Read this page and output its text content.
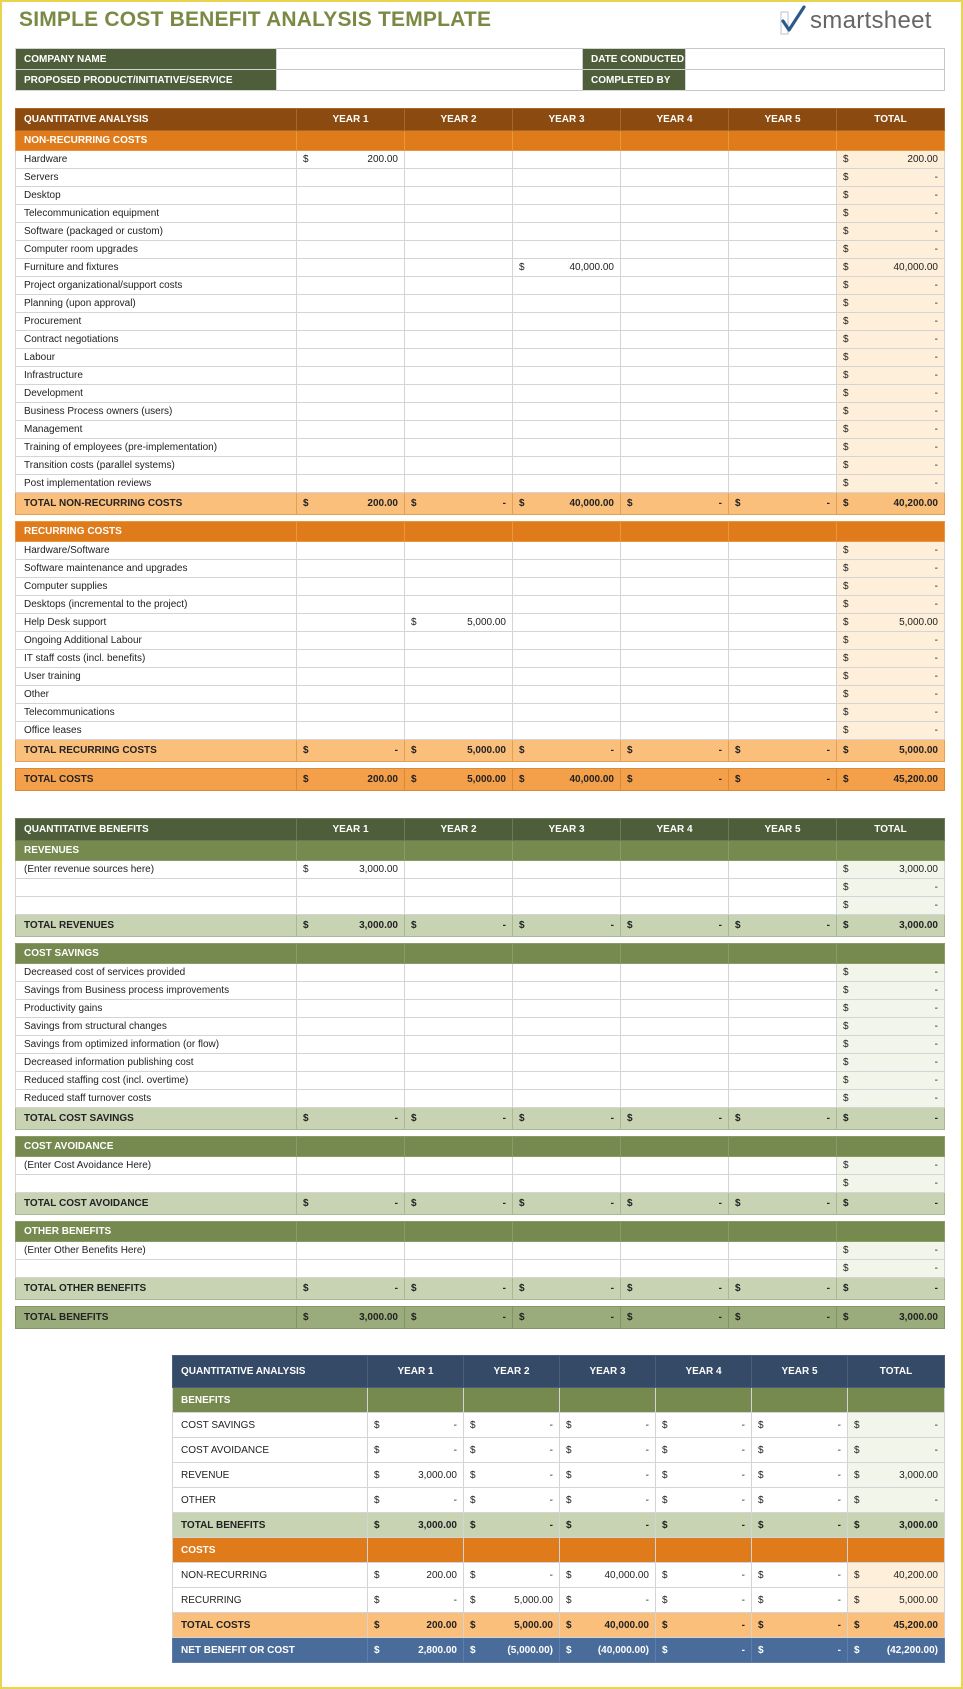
SIMPLE COST BENEFIT ANALYSIS TEMPLATE	smartsheet
COMPANY NAME		DATE CONDUCTED	
PROPOSED PRODUCT/INITIATIVE/SERVICE		COMPLETED BY	
QUANTITATIVE ANALYSIS	YEAR 1	YEAR 2	YEAR 3	YEAR 4	YEAR 5	TOTAL
NON-RECURRING COSTS						
Hardware	$ 200.00					$ 200.00

Servers						$ -

Desktop						$ -

Telecommunication equipment						$ -

Software (packaged or custom)						$ -

Computer room upgrades						$ -

Furniture and fixtures			$ 40,000.00			$ 40,000.00

Project organizational/support costs						$ -

Planning (upon approval)						$ -

Procurement						$ -

Contract negotiations						$ -

Labour						$ -

Infrastructure						$ -

Development						$ -

Business Process owners (users)						$ -

Management						$ -

Training of employees (pre-implementation)						$ -

Transition costs (parallel systems)						$ -

Post implementation reviews						$ -

TOTAL NON-RECURRING COSTS	$ 200.00	$ -	$ 40,000.00	$ -	$ -	$ 40,200.00

RECURRING COSTS						
Hardware/Software						$ -

Software maintenance and upgrades						$ -

Computer supplies						$ -

Desktops (incremental to the project)						$ -

Help Desk support		$ 5,000.00				$ 5,000.00

Ongoing Additional Labour						$ -

IT staff costs (incl. benefits)						$ -

User training						$ -

Other						$ -

Telecommunications						$ -

Office leases						$ -

TOTAL RECURRING COSTS	$ -	$ 5,000.00	$ -	$ -	$ -	$ 5,000.00

TOTAL COSTS	$ 200.00	$ 5,000.00	$ 40,000.00	$ -	$ -	$ 45,200.00
QUANTITATIVE BENEFITS	YEAR 1	YEAR 2	YEAR 3	YEAR 4	YEAR 5	TOTAL
REVENUES						
(Enter revenue sources here)	$ 3,000.00					$ 3,000.00

						$ -

						$ -

TOTAL REVENUES	$ 3,000.00	$ -	$ -	$ -	$ -	$ 3,000.00

COST SAVINGS						
Decreased cost of services provided						$ -

Savings from Business process improvements						$ -

Productivity gains						$ -

Savings from structural changes						$ -

Savings from optimized information (or flow)						$ -

Decreased information publishing cost						$ -

Reduced staffing cost (incl. overtime)						$ -

Reduced staff turnover costs						$ -

TOTAL COST SAVINGS	$ -	$ -	$ -	$ -	$ -	$ -

COST AVOIDANCE						
(Enter Cost Avoidance Here)						$ -

						$ -

TOTAL COST AVOIDANCE	$ -	$ -	$ -	$ -	$ -	$ -

OTHER BENEFITS						
(Enter Other Benefits Here)						$ -

						$ -

TOTAL OTHER BENEFITS	$ -	$ -	$ -	$ -	$ -	$ -

TOTAL BENEFITS	$ 3,000.00	$ -	$ -	$ -	$ -	$ 3,000.00
QUANTITATIVE ANALYSIS	YEAR 1	YEAR 2	YEAR 3	YEAR 4	YEAR 5	TOTAL
BENEFITS						
COST SAVINGS	$ -	$ -	$ -	$ -	$ -	$ -

COST AVOIDANCE	$ -	$ -	$ -	$ -	$ -	$ -

REVENUE	$ 3,000.00	$ -	$ -	$ -	$ -	$ 3,000.00

OTHER	$ -	$ -	$ -	$ -	$ -	$ -

TOTAL BENEFITS	$ 3,000.00	$ -	$ -	$ -	$ -	$ 3,000.00

COSTS						
NON-RECURRING	$ 200.00	$ -	$ 40,000.00	$ -	$ -	$ 40,200.00

RECURRING	$ -	$ 5,000.00	$ -	$ -	$ -	$ 5,000.00

TOTAL COSTS	$ 200.00	$ 5,000.00	$ 40,000.00	$ -	$ -	$ 45,200.00

NET BENEFIT OR COST	$ 2,800.00	$ (5,000.00)	$ (40,000.00)	$ -	$ -	$ (42,200.00)
